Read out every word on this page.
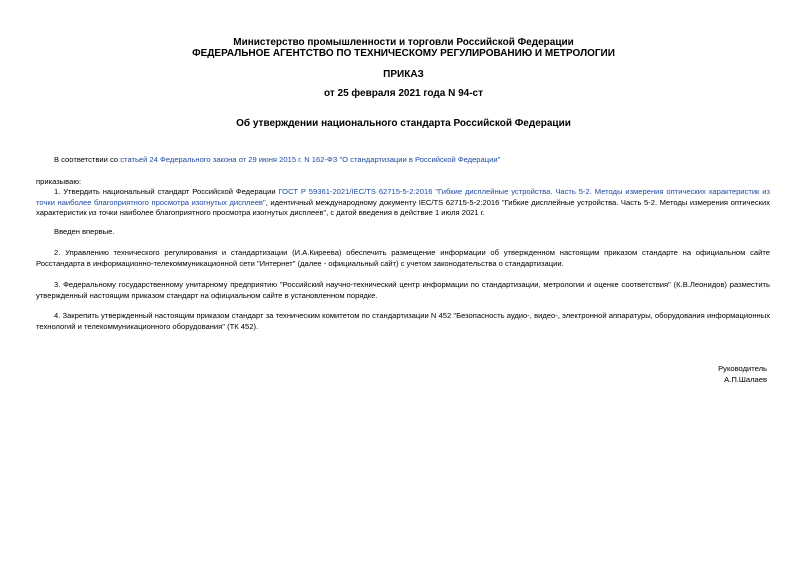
Министерство промышленности и торговли Российской Федерации
ФЕДЕРАЛЬНОЕ АГЕНТСТВО ПО ТЕХНИЧЕСКОМУ РЕГУЛИРОВАНИЮ И МЕТРОЛОГИИ
ПРИКАЗ
от 25 февраля 2021 года N 94-ст
Об утверждении национального стандарта Российской Федерации
В соответствии со статьей 24 Федерального закона от 29 июня 2015 г. N 162-ФЗ "О стандартизации в Российской Федерации"
приказываю:
1. Утвердить национальный стандарт Российской Федерации ГОСТ Р 59361-2021/IEC/TS 62715-5-2:2016 "Гибкие дисплейные устройства. Часть 5-2. Методы измерения оптических характеристик из точки наиболее благоприятного просмотра изогнутых дисплеев", идентичный международному документу IEC/TS 62715-5-2:2016 "Гибкие дисплейные устройства. Часть 5-2. Методы измерения оптических характеристик из точки наиболее благоприятного просмотра изогнутых дисплеев", с датой введения в действие 1 июля 2021 г.
Введен впервые.
2. Управлению технического регулирования и стандартизации (И.А.Киреева) обеспечить размещение информации об утвержденном настоящим приказом стандарте на официальном сайте Росстандарта в информационно-телекоммуникационной сети "Интернет" (далее - официальный сайт) с учетом законодательства о стандартизации.
3. Федеральному государственному унитарному предприятию "Российский научно-технический центр информации по стандартизации, метрологии и оценке соответствия" (К.В.Леонидов) разместить утвержденный настоящим приказом стандарт на официальном сайте в установленном порядке.
4. Закрепить утвержденный настоящим приказом стандарт за техническим комитетом по стандартизации N 452 "Безопасность аудио-, видео-, электронной аппаратуры, оборудования информационных технологий и телекоммуникационного оборудования" (ТК 452).
Руководитель
А.П.Шалаев
